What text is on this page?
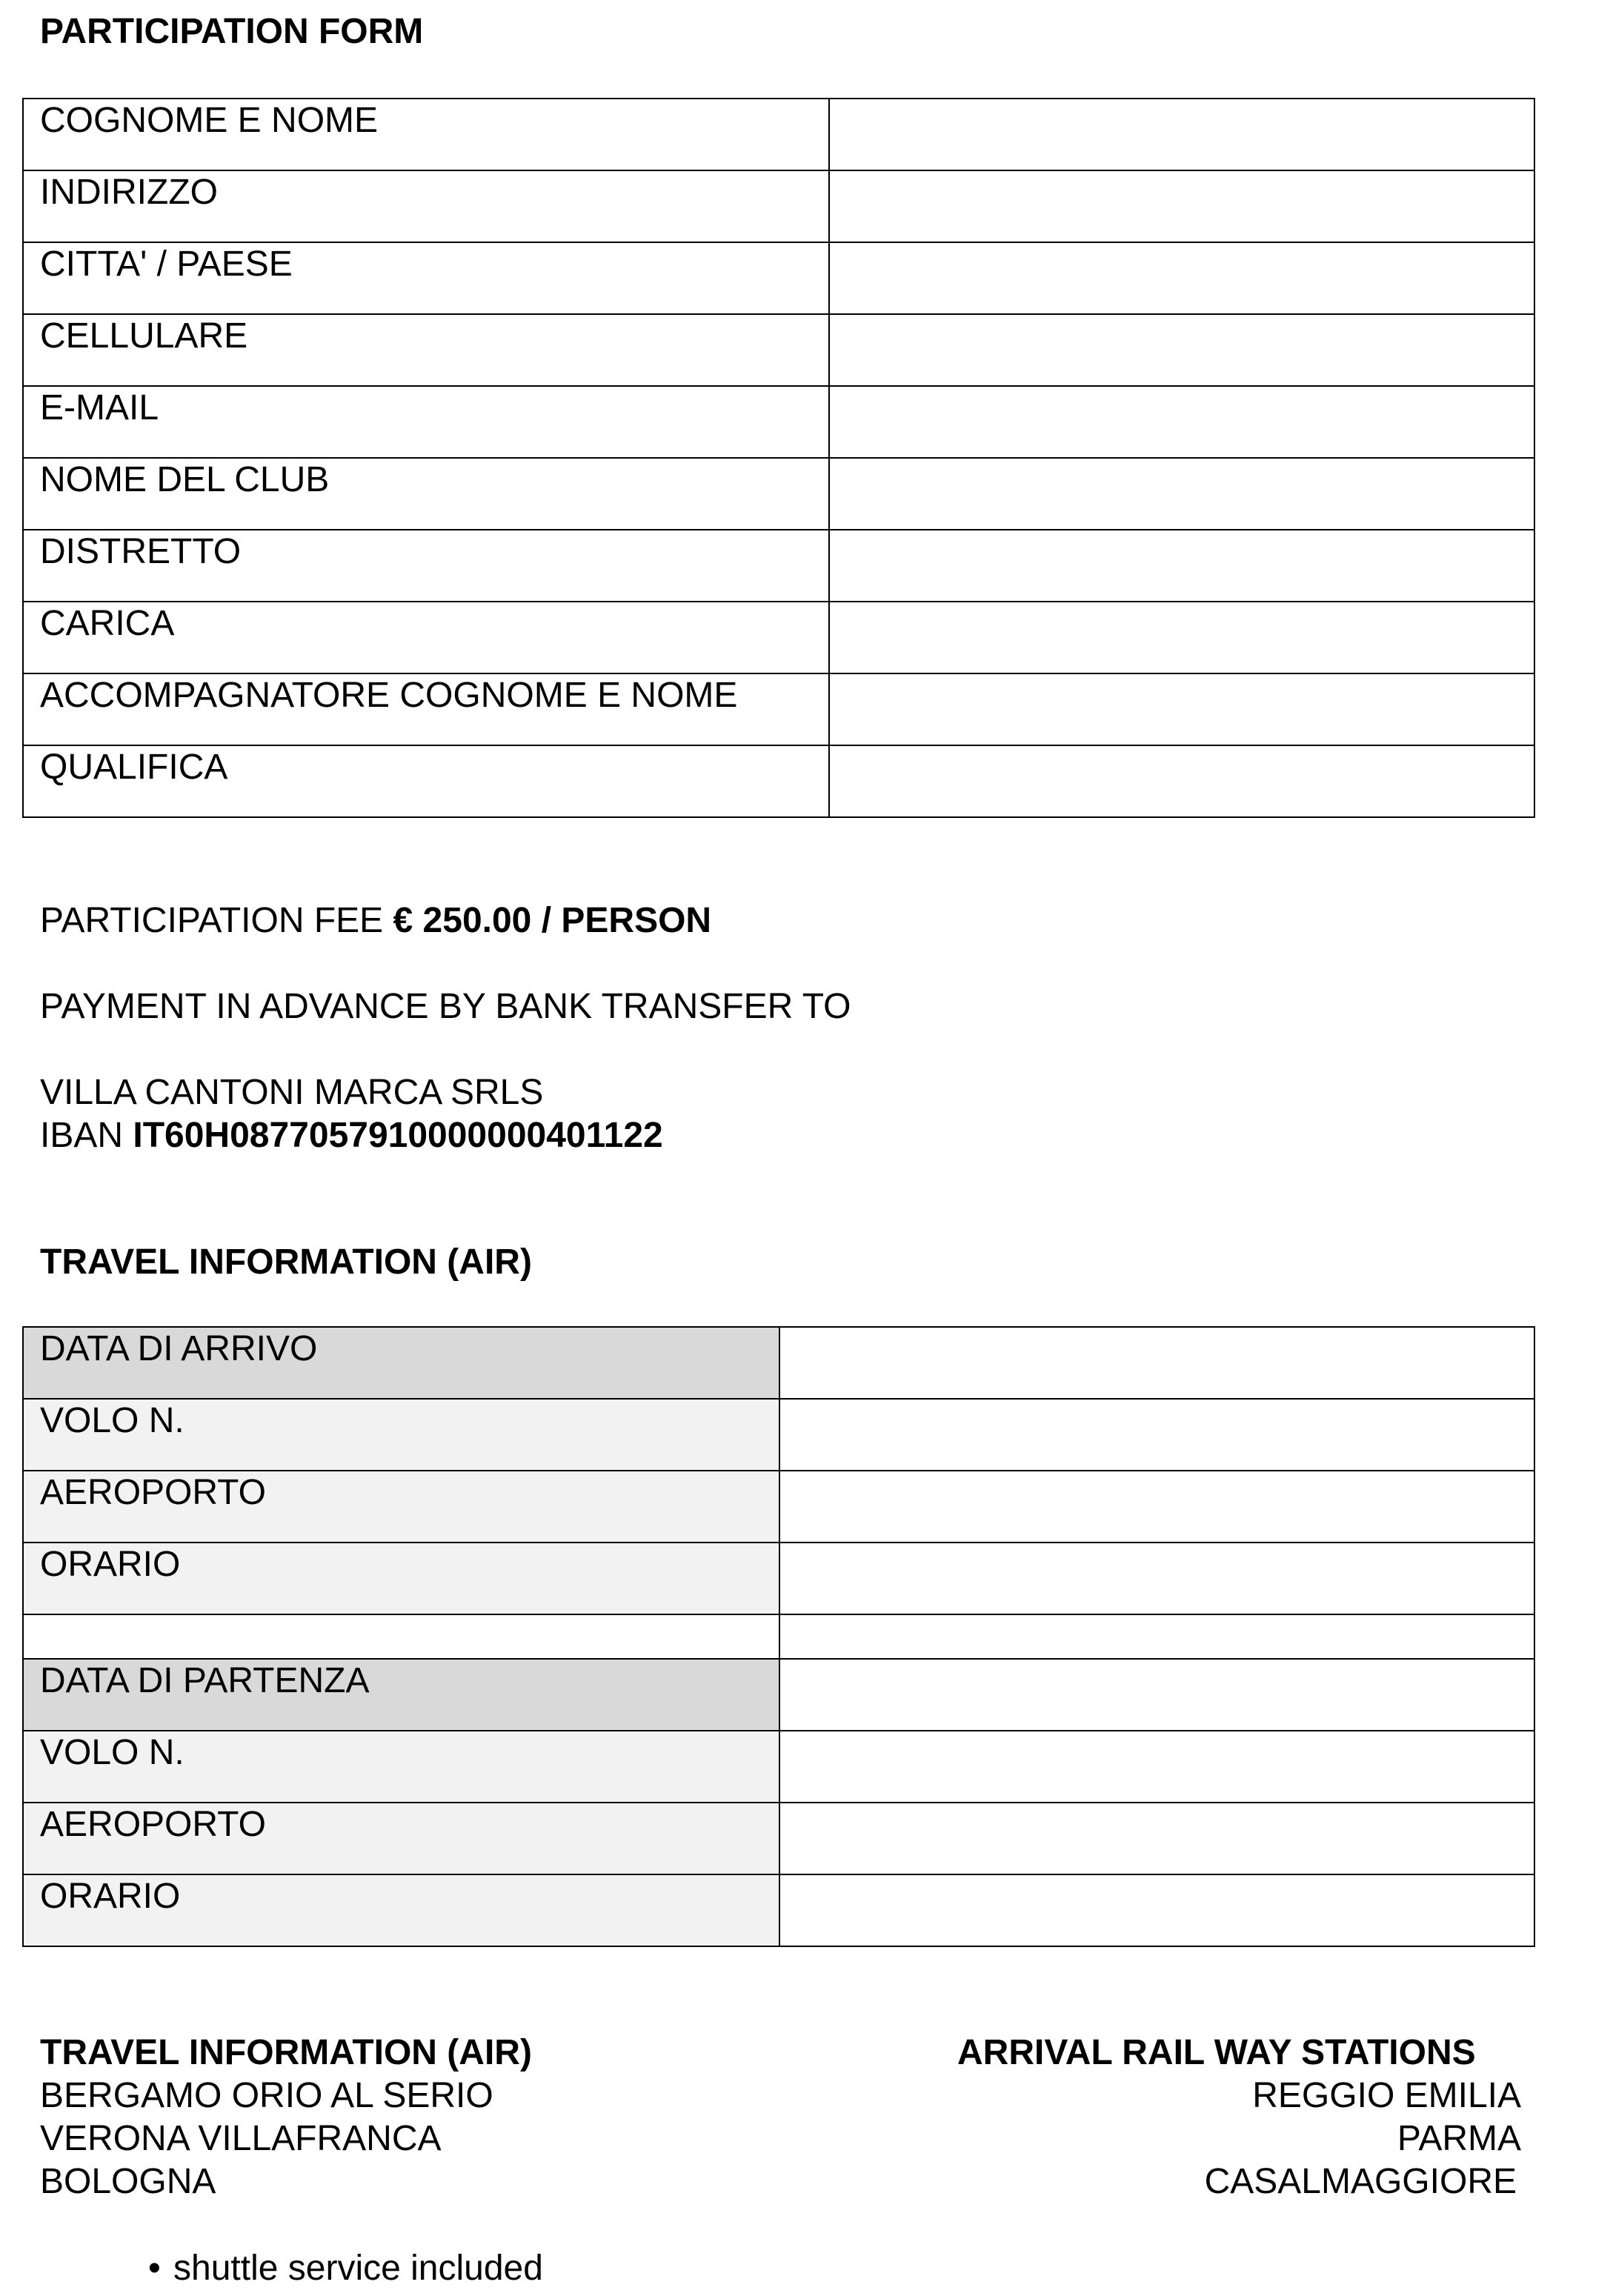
PARTICIPATION FORM
COGNOME E NOME	

INDIRIZZO	

CITTA' / PAESE	

CELLULARE	

E-MAIL	

NOME DEL CLUB	

DISTRETTO	

CARICA	

ACCOMPAGNATORE COGNOME E NOME	

QUALIFICA	

PARTICIPATION FEE € 250.00 / PERSON
PAYMENT IN ADVANCE BY BANK TRANSFER TO
VILLA CANTONI MARCA SRLS
IBAN IT60H0877057910000000401122
TRAVEL INFORMATION (AIR)
DATA DI ARRIVO	

VOLO N.	

AEROPORTO	

ORARIO	

DATA DI PARTENZA	

VOLO N.	

AEROPORTO	

ORARIO	

TRAVEL INFORMATION (AIR)
BERGAMO ORIO AL SERIO
VERONA VILLAFRANCA
BOLOGNA
ARRIVAL RAIL WAY STATIONS
REGGIO EMILIA
PARMA
CASALMAGGIORE
• shuttle service included
